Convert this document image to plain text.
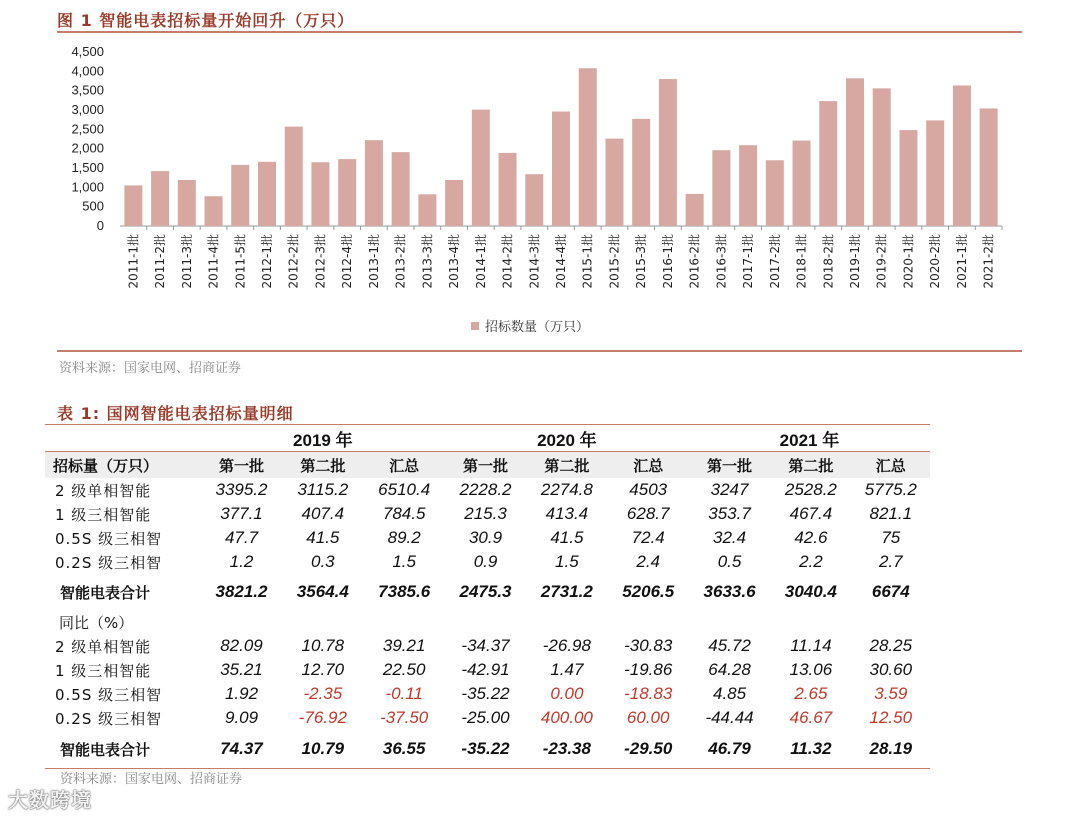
图 1 智能电表招标量开始回升（万只）
0
500
1,000
1,500
2,000
2,500
3,000
3,500
4,000
4,500
2011-1批 2011-2批 2011-3批 2011-4批 2011-5批 2012-1批 2012-2批 2012-3批 2012-4批 2013-1批 2013-2批 2013-3批 2013-4批 2014-1批 2014-2批 2014-3批 2014-4批 2015-1批 2015-2批 2015-3批 2016-1批 2016-2批 2016-3批 2017-1批 2017-2批 2018-1批 2018-2批 2019-1批 2019-2批 2020-1批 2020-2批 2021-1批 2021-2批
招标数量（万只）
资料来源：国家电网、招商证券
表 1: 国网智能电表招标量明细
	2019 年			2020 年			2021 年		
招标量（万只）	第一批	第二批	汇总	第一批	第二批	汇总	第一批	第二批	汇总
2 级单相智能	3395.2	3115.2	6510.4	2228.2	2274.8	4503	3247	2528.2	5775.2
1 级三相智能	377.1	407.4	784.5	215.3	413.4	628.7	353.7	467.4	821.1
0.5S 级三相智	47.7	41.5	89.2	30.9	41.5	72.4	32.4	42.6	75
0.2S 级三相智	1.2	0.3	1.5	0.9	1.5	2.4	0.5	2.2	2.7
智能电表合计	3821.2	3564.4	7385.6	2475.3	2731.2	5206.5	3633.6	3040.4	6674
同比（%）									
2 级单相智能	82.09	10.78	39.21	-34.37	-26.98	-30.83	45.72	11.14	28.25
1 级三相智能	35.21	12.70	22.50	-42.91	1.47	-19.86	64.28	13.06	30.60
0.5S 级三相智	1.92	-2.35	-0.11	-35.22	0.00	-18.83	4.85	2.65	3.59
0.2S 级三相智	9.09	-76.92	-37.50	-25.00	400.00	60.00	-44.44	46.67	12.50
智能电表合计	74.37	10.79	36.55	-35.22	-23.38	-29.50	46.79	11.32	28.19
资料来源：国家电网、招商证券
大数跨境
